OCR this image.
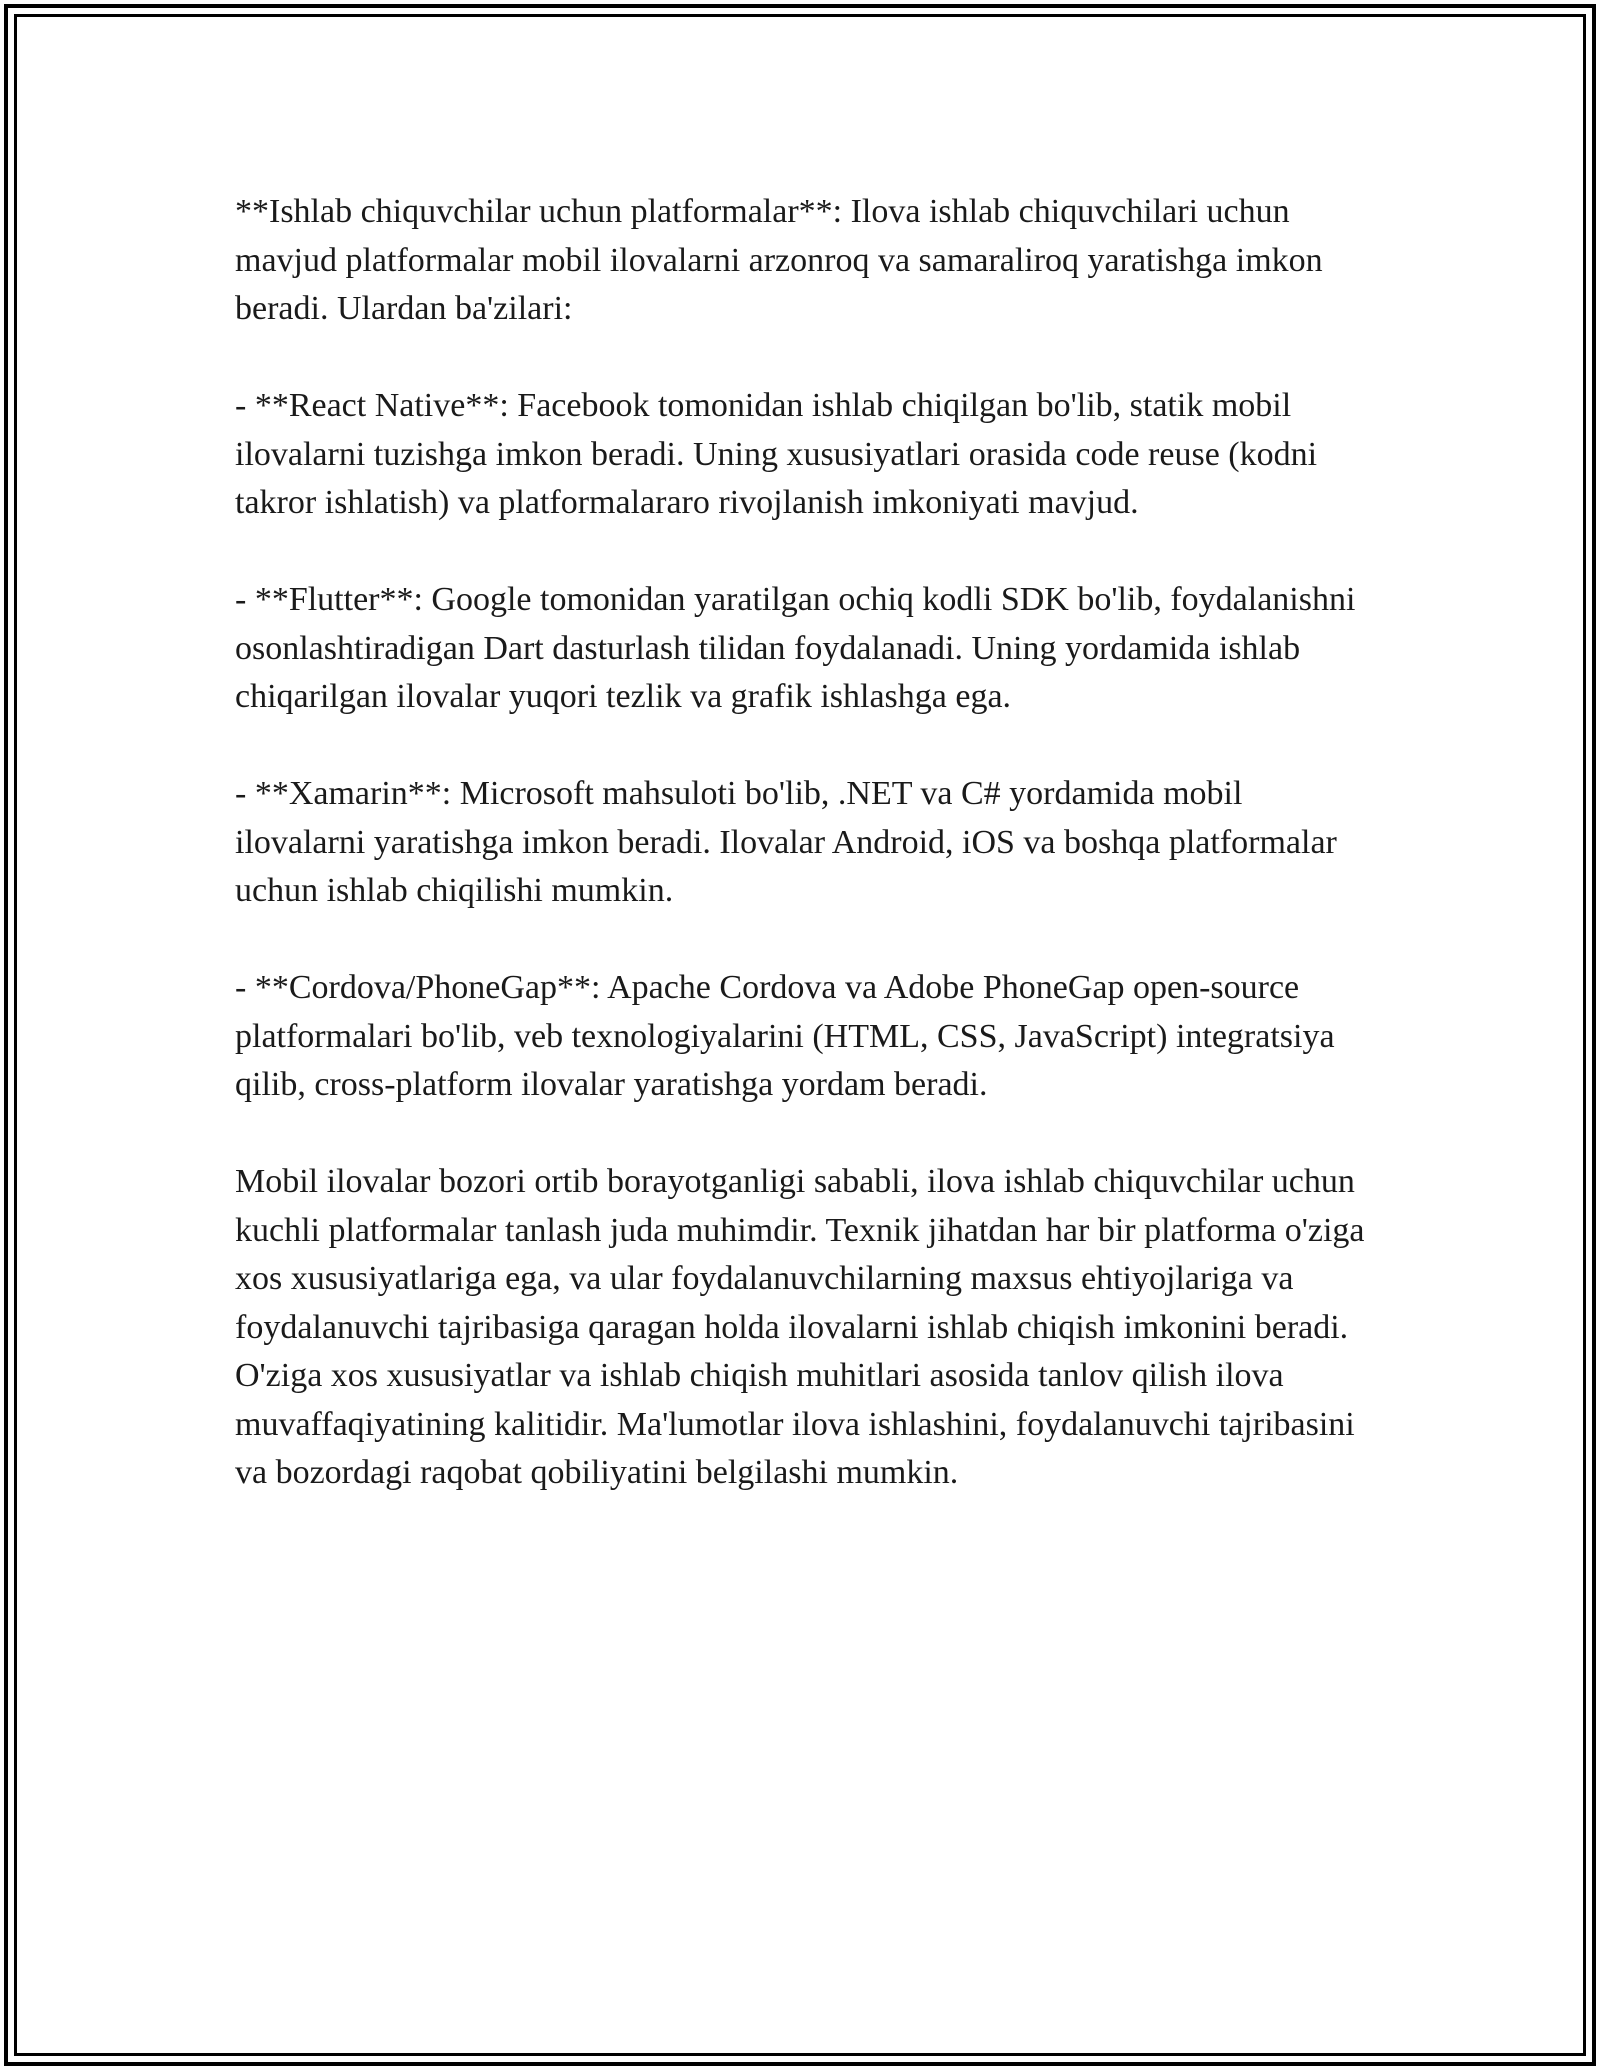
**Ishlab chiquvchilar uchun platformalar**: Ilova ishlab chiquvchilari uchun mavjud platformalar mobil ilovalarni arzonroq va samaraliroq yaratishga imkon beradi. Ulardan ba'zilari:

- **React Native**: Facebook tomonidan ishlab chiqilgan bo'lib, statik mobil ilovalarni tuzishga imkon beradi. Uning xususiyatlari orasida code reuse (kodni takror ishlatish) va platformalararo rivojlanish imkoniyati mavjud.

- **Flutter**: Google tomonidan yaratilgan ochiq kodli SDK bo'lib, foydalanishni osonlashtiradigan Dart dasturlash tilidan foydalanadi. Uning yordamida ishlab chiqarilgan ilovalar yuqori tezlik va grafik ishlashga ega.

- **Xamarin**: Microsoft mahsuloti bo'lib, .NET va C# yordamida mobil ilovalarni yaratishga imkon beradi. Ilovalar Android, iOS va boshqa platformalar uchun ishlab chiqilishi mumkin.

- **Cordova/PhoneGap**: Apache Cordova va Adobe PhoneGap open-source platformalari bo'lib, veb texnologiyalarini (HTML, CSS, JavaScript) integratsiya qilib, cross-platform ilovalar yaratishga yordam beradi.

Mobil ilovalar bozori ortib borayotganligi sababli, ilova ishlab chiquvchilar uchun kuchli platformalar tanlash juda muhimdir. Texnik jihatdan har bir platforma o'ziga xos xususiyatlariga ega, va ular foydalanuvchilarning maxsus ehtiyojlariga va foydalanuvchi tajribasiga qaragan holda ilovalarni ishlab chiqish imkonini beradi. O'ziga xos xususiyatlar va ishlab chiqish muhitlari asosida tanlov qilish ilova muvaffaqiyatining kalitidir. Ma'lumotlar ilova ishlashini, foydalanuvchi tajribasini va bozordagi raqobat qobiliyatini belgilashi mumkin.
